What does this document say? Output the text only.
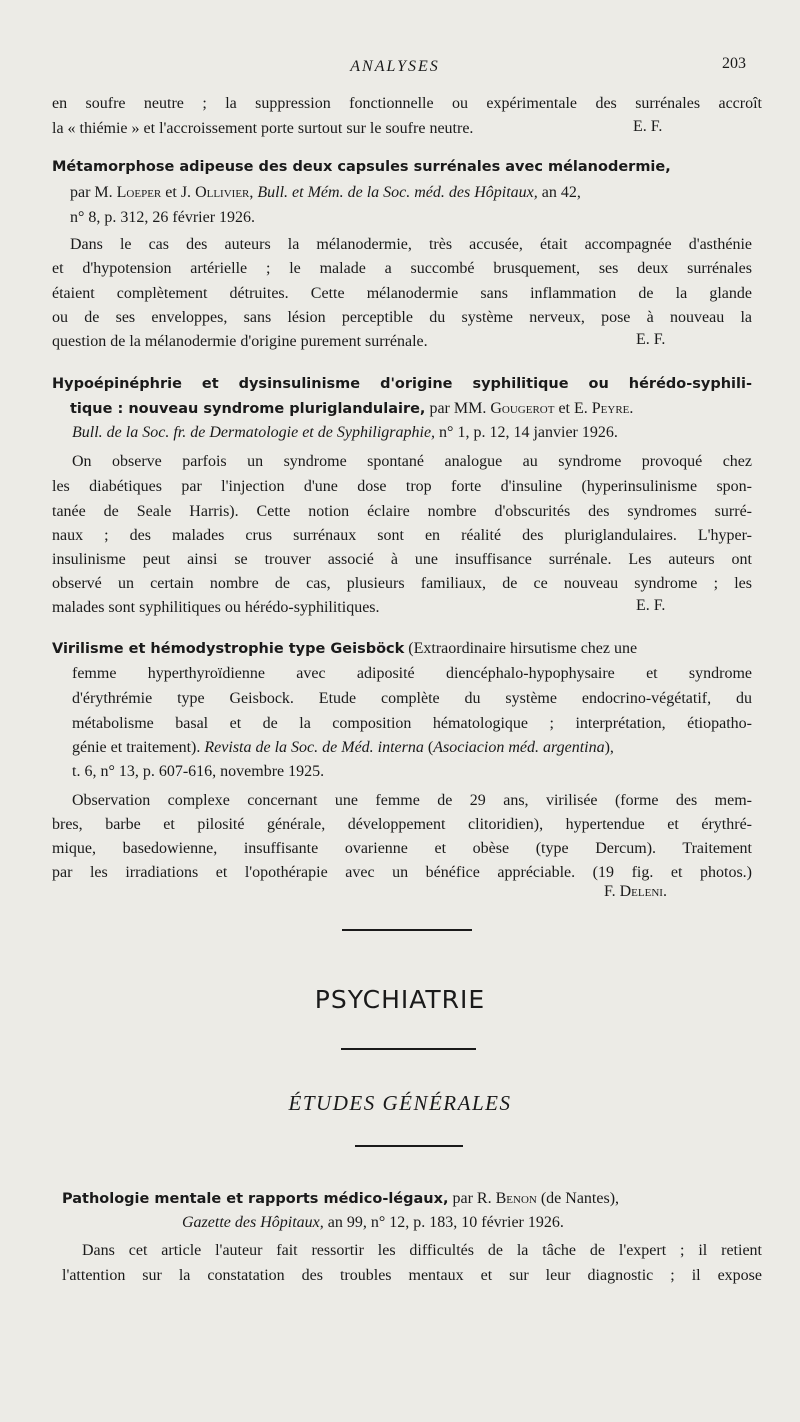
ANALYSES	203
en soufre neutre ; la suppression fonctionnelle ou expérimentale des surrénales accroît
la « thiémie » et l'accroissement porte surtout sur le soufre neutre.	E. F.
Métamorphose adipeuse des deux capsules surrénales avec mélanodermie,
par M. Loeper et J. Ollivier, Bull. et Mém. de la Soc. méd. des Hôpitaux, an 42,
n° 8, p. 312, 26 février 1926.
Dans le cas des auteurs la mélanodermie, très accusée, était accompagnée d'asthénie
et d'hypotension artérielle ; le malade a succombé brusquement, ses deux surrénales
étaient complètement détruites. Cette mélanodermie sans inflammation de la glande
ou de ses enveloppes, sans lésion perceptible du système nerveux, pose à nouveau la
question de la mélanodermie d'origine purement surrénale.	E. F.
Hypoépinéphrie et dysinsulinisme d'origine syphilitique ou hérédo-syphili-
tique : nouveau syndrome pluriglandulaire, par MM. Gougerot et E. Peyre.
Bull. de la Soc. fr. de Dermatologie et de Syphiligraphie, n° 1, p. 12, 14 janvier 1926.
On observe parfois un syndrome spontané analogue au syndrome provoqué chez
les diabétiques par l'injection d'une dose trop forte d'insuline (hyperinsulinisme spon-
tanée de Seale Harris). Cette notion éclaire nombre d'obscurités des syndromes surré-
naux ; des malades crus surrénaux sont en réalité des pluriglandulaires. L'hyper-
insulinisme peut ainsi se trouver associé à une insuffisance surrénale. Les auteurs ont
observé un certain nombre de cas, plusieurs familiaux, de ce nouveau syndrome ; les
malades sont syphilitiques ou hérédo-syphilitiques.	E. F.
Virilisme et hémodystrophie type Geisböck (Extraordinaire hirsutisme chez une
femme hyperthyroïdienne avec adiposité diencéphalo-hypophysaire et syndrome
d'érythrémie type Geisbock. Etude complète du système endocrino-végétatif, du
métabolisme basal et de la composition hématologique ; interprétation, étiopatho-
génie et traitement). Revista de la Soc. de Méd. interna (Asociacion méd. argentina),
t. 6, n° 13, p. 607-616, novembre 1925.
Observation complexe concernant une femme de 29 ans, virilisée (forme des mem-
bres, barbe et pilosité générale, développement clitoridien), hypertendue et érythré-
mique, basedowienne, insuffisante ovarienne et obèse (type Dercum). Traitement
par les irradiations et l'opothérapie avec un bénéfice appréciable. (19 fig. et photos.)
F. Deleni.
PSYCHIATRIE
ÉTUDES GÉNÉRALES
Pathologie mentale et rapports médico-légaux, par R. Benon (de Nantes),
Gazette des Hôpitaux, an 99, n° 12, p. 183, 10 février 1926.
Dans cet article l'auteur fait ressortir les difficultés de la tâche de l'expert ; il retient
l'attention sur la constatation des troubles mentaux et sur leur diagnostic ; il expose
